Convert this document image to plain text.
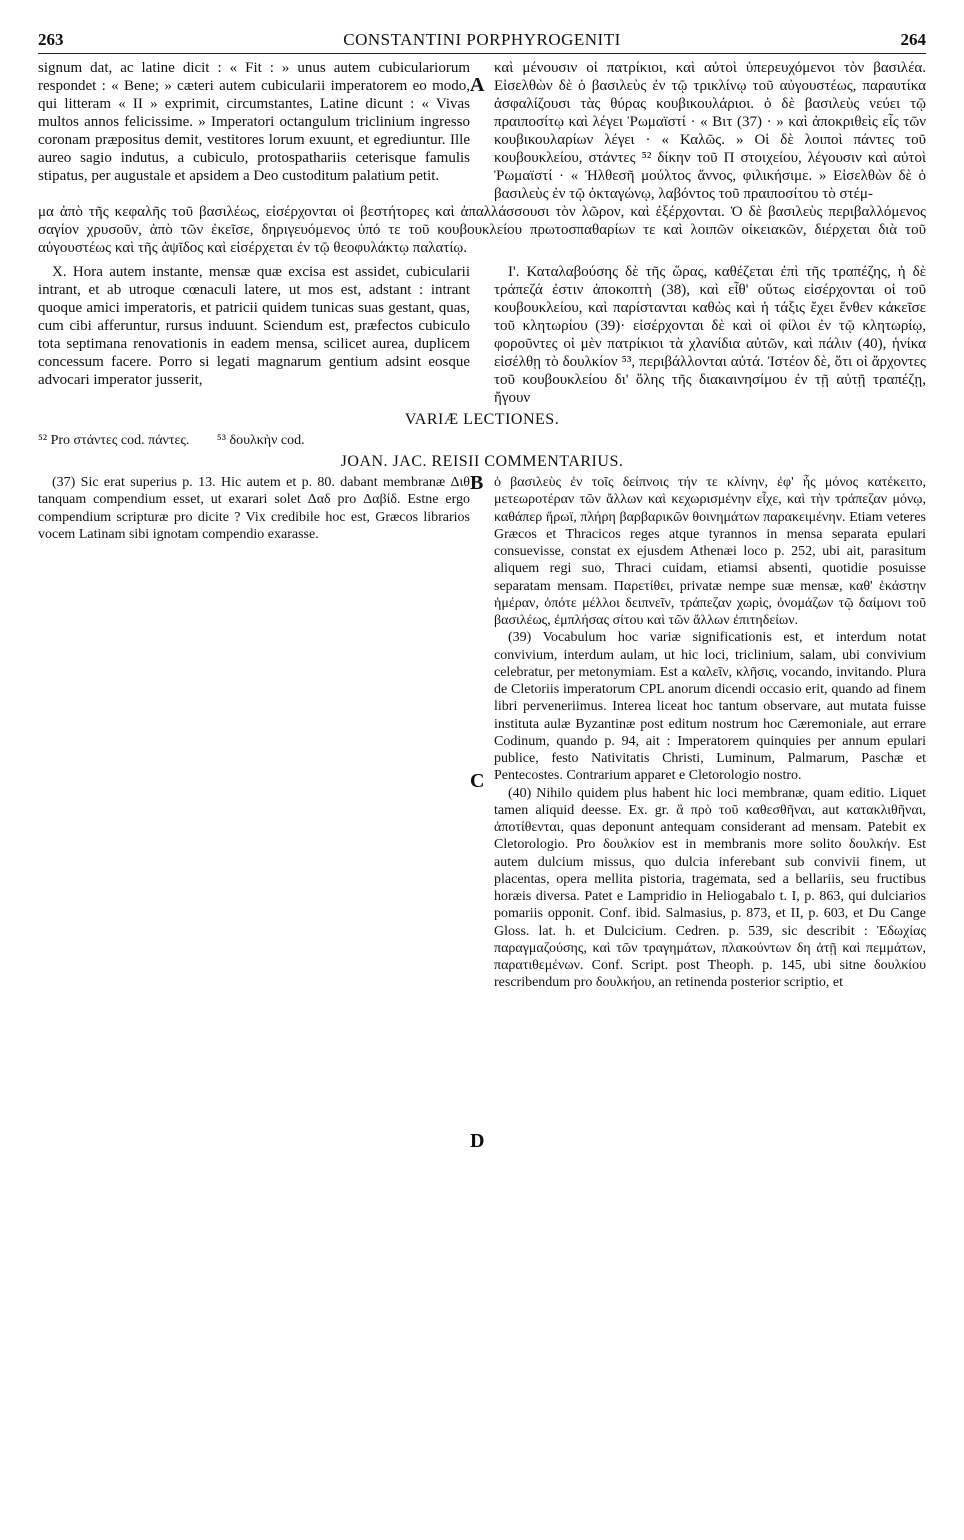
263	CONSTANTINI PORPHYROGENITI	264

signum dat, ac latine dicit : « Fit : » unus autem cubiculariorum respondet : « Bene; » cæteri autem cubicularii imperatorem eo modo, qui litteram « II » exprimit, circumstantes, Latine dicunt : « Vivas multos annos felicissime. » Imperatori octangulum triclinium ingresso coronam præpositus demit, vestitores lorum exuunt, et egrediuntur. Ille aureo sagio indutus, a cubiculo, protospathariis ceterisque famulis stipatus, per augustale et apsidem a Deo custoditum palatium petit.

καὶ μένουσιν οἱ πατρίκιοι, καὶ αὐτοὶ ὑπερευχόμενοι τὸν βασιλέα. Εἰσελθὼν δὲ ὁ βασιλεὺς ἐν τῷ τρικλίνῳ τοῦ αὐγουστέως, παραυτίκα ἀσφαλίζουσι τὰς θύρας κουβικουλάριοι. ὁ δὲ βασιλεὺς νεύει τῷ πραιποσίτῳ καὶ λέγει Ῥωμαϊστί · « Βιτ (37) · » καὶ ἀποκριθεὶς εἷς τῶν κουβικουλαρίων λέγει · « Καλῶς. » Οἱ δὲ λοιποὶ πάντες τοῦ κουβουκλείου, στάντες ⁵² δίκην τοῦ Π στοιχείου, λέγουσιν καὶ αὐτοὶ Ῥωμαϊστί · « Ἠλθεσῆ μούλτος ἄννος, φιλικήσιμε. » Εἰσελθὼν δὲ ὁ βασιλεὺς ἐν τῷ ὀκταγώνῳ, λαβόντος τοῦ πραιποσίτου τὸ στέμ-

μα ἀπὸ τῆς κεφαλῆς τοῦ βασιλέως, εἰσέρχονται οἱ βεστήτορες καὶ ἀπαλλάσσουσι τὸν λῶρον, καὶ ἐξέρχονται. Ὁ δὲ βασιλεὺς περιβαλλόμενος σαγίον χρυσοῦν, ἀπὸ τῶν ἐκεῖσε, δηριγευόμενος ὑπό τε τοῦ κουβουκλείου πρωτοσπαθαρίων τε καὶ λοιπῶν οἰκειακῶν, διέρχεται διὰ τοῦ αὐγουστέως καὶ τῆς ἀψῖδος καὶ εἰσέρχεται ἐν τῷ θεοφυλάκτῳ παλατίῳ.

X. Hora autem instante, mensæ quæ excisa est assidet, cubicularii intrant, et ab utroque cœnaculi latere, ut mos est, adstant : intrant quoque amici imperatoris, et patricii quidem tunicas suas gestant, quas, cum cibi afferuntur, rursus induunt. Sciendum est, præfectos cubiculo tota septimana renovationis in eadem mensa, scilicet aurea, duplicem concessum facere. Porro si legati magnarum gentium adsint eosque advocari imperator jusserit,

Ι'. Καταλαβούσης δὲ τῆς ὥρας, καθέζεται ἐπὶ τῆς τραπέζης, ἡ δὲ τράπεζά ἐστιν ἀποκοπτὴ (38), καὶ εἶθ' οὕτως εἰσέρχονται οἱ τοῦ κουβουκλείου, καὶ παρίστανται καθὼς καὶ ἡ τάξις ἔχει ἔνθεν κἀκεῖσε τοῦ κλητωρίου (39)· εἰσέρχονται δὲ καὶ οἱ φίλοι ἐν τῷ κλητωρίῳ, φοροῦντες οἱ μὲν πατρίκιοι τὰ χλανίδια αὐτῶν, καὶ πάλιν (40), ἡνίκα εἰσέλθῃ τὸ δουλκίον ⁵³, περιβάλλονται αὐτά. Ἰστέον δὲ, ὅτι οἱ ἄρχοντες τοῦ κουβουκλείου δι' ὅλης τῆς διακαινησίμου ἐν τῇ αὐτῇ τραπέζῃ, ἤγουν

VARIÆ LECTIONES.
⁵² Pro στάντες cod. πάντες. ⁵³ δουλκὴν cod.
JOAN. JAC. REISII COMMENTARIUS.

(37) Sic erat superius p. 13. Hic autem et p. 80. dabant membranæ Διθ tanquam compendium esset, ut exarari solet Δαδ pro Δαβίδ. Estne ergo compendium scripturæ pro dicite ? Vix credibile hoc est, Græcos librarios vocem Latinam sibi ignotam compendio exarasse.

ὁ βασιλεὺς ἐν τοῖς δείπνοις τήν τε κλίνην, ἐφ' ἧς μόνος κατέκειτο, μετεωροτέραν τῶν ἄλλων καὶ κεχωρισμένην εἶχε, καὶ τὴν τράπεζαν μόνῳ, καθάπερ ἥρωϊ, πλήρη βαρβαρικῶν θοινημάτων παρακειμένην. Etiam veteres Græcos et Thracicos reges atque tyrannos in mensa separata epulari consuevisse, constat ex ejusdem Athenæi loco p. 252, ubi ait, parasitum aliquem regi suo, Thraci cuidam, etiamsi absenti, quotidie posuisse separatam mensam. Παρετίθει, privatæ nempe suæ mensæ, καθ' ἑκάστην ἡμέραν, ὁπότε μέλλοι δειπνεῖν, τράπεζαν χωρὶς, ὀνομάζων τῷ δαίμονι τοῦ βασιλέως, ἐμπλήσας σίτου καὶ τῶν ἄλλων ἐπιτηδείων.

(39) Vocabulum hoc variæ significationis est, et interdum notat convivium, interdum aulam, ut hic loci, triclinium, salam, ubi convivium celebratur, per metonymiam. Est a καλεῖν, κλῆσις, vocando, invitando. Plura de Cletoriis imperatorum CPL anorum dicendi occasio erit, quando ad finem libri perveneriimus. Interea liceat hoc tantum observare, aut mutata fuisse instituta aulæ Byzantinæ post editum nostrum hoc Cæremoniale, aut errare Codinum, quando p. 94, ait : Imperatorem quinquies per annum epulari publice, festo Nativitatis Christi, Luminum, Palmarum, Paschæ et Pentecostes. Contrarium apparet e Cletorologio nostro.

(40) Nihilo quidem plus habent hic loci membranæ, quam editio. Liquet tamen aliquid deesse. Ex. gr. ἃ πρὸ τοῦ καθεσθῆναι, aut κατακλιθῆναι, ἀποτίθενται, quas deponunt antequam considerant ad mensam. Patebit ex Cletorologio. Pro δουλκίον est in membranis more solito δουλκήν. Est autem dulcium missus, quo dulcia inferebant sub convivii finem, ut placentas, opera mellita pistoria, tragemata, sed a bellariis, seu fructibus horæis diversa. Patet e Lampridio in Heliogabalo t. I, p. 863, qui dulciarios pomariis opponit. Conf. ibid. Salmasius, p. 873, et II, p. 603, et Du Cange Gloss. lat. h. et Dulcicium. Cedren. p. 539, sic describit : Ἐδωχίας παραγμαζούσης, καὶ τῶν τραγημάτων, πλακούντων δη ἀτῇ καὶ πεμμάτων, παρατιθεμένων. Conf. Script. post Theoph. p. 145, ubi sitne δουλκίου rescribendum pro δουλκήου, an retinenda posterior scriptio, et

A
B
C
D
